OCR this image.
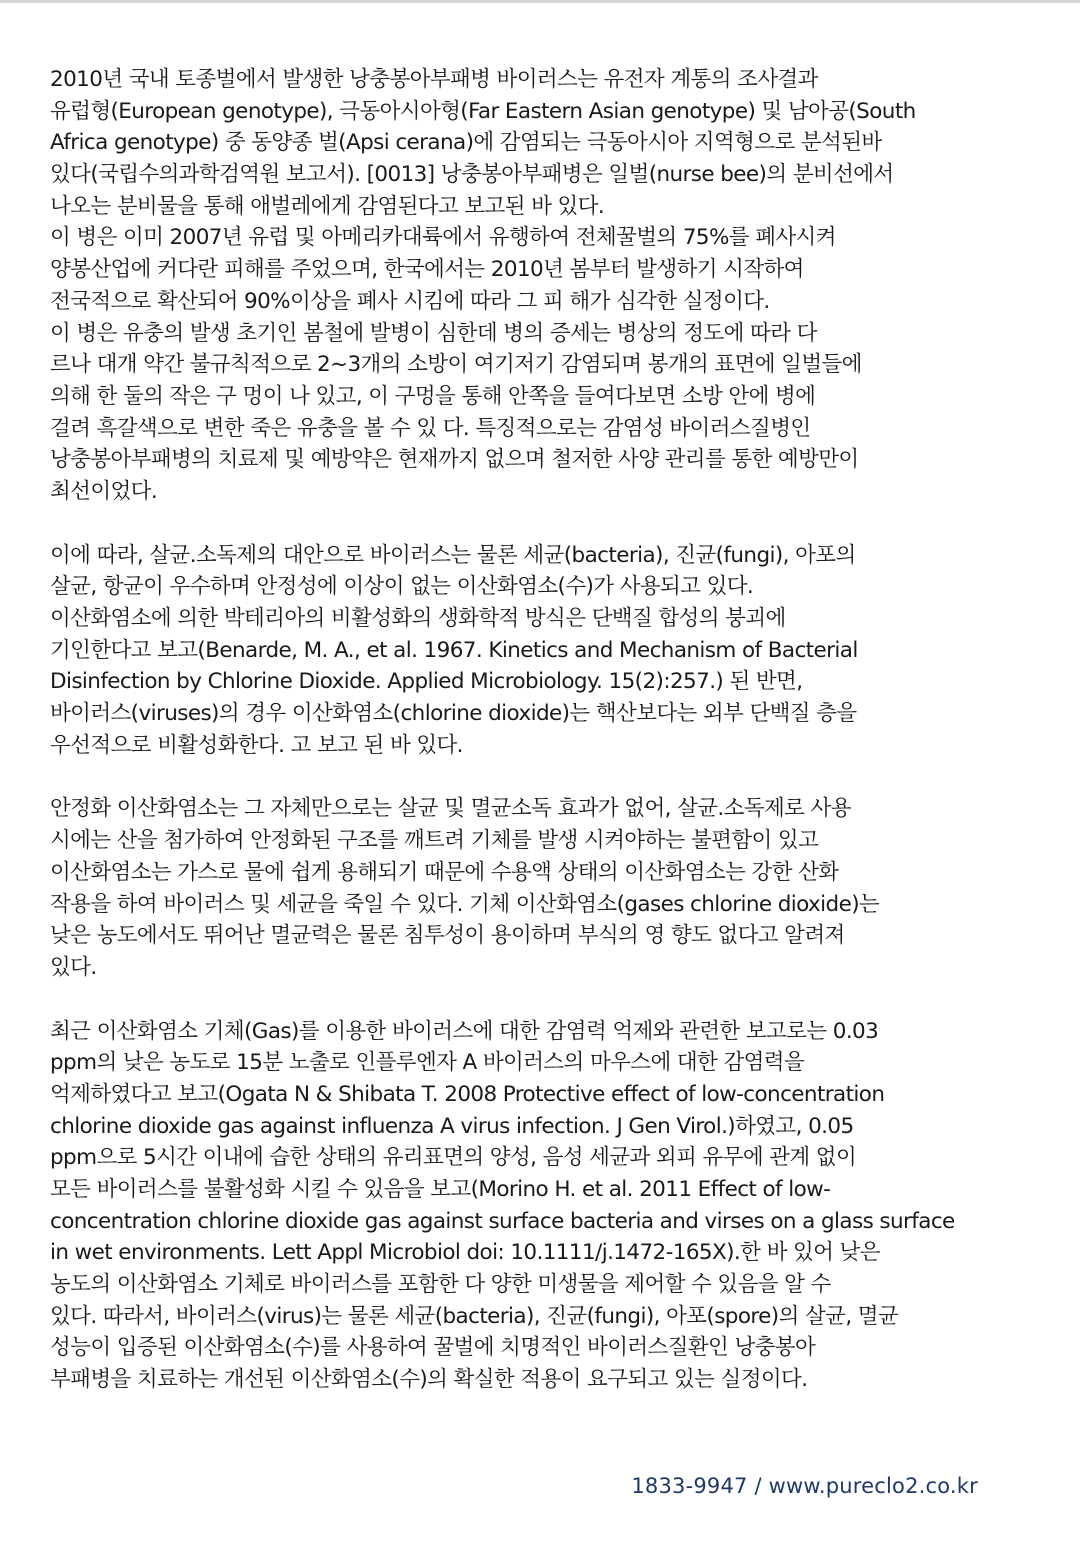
2010년 국내 토종벌에서 발생한 낭충봉아부패병 바이러스는 유전자 계통의 조사결과
유럽형(European genotype), 극동아시아형(Far Eastern Asian genotype) 및 남아공(South
Africa genotype) 중 동양종 벌(Apsi cerana)에 감염되는 극동아시아 지역형으로 분석된바
있다(국립수의과학검역원 보고서). [0013] 낭충봉아부패병은 일벌(nurse bee)의 분비선에서
나오는 분비물을 통해 애벌레에게 감염된다고 보고된 바 있다.
이 병은 이미 2007년 유럽 및 아메리카대륙에서 유행하여 전체꿀벌의 75%를 폐사시켜
양봉산업에 커다란 피해를 주었으며, 한국에서는 2010년 봄부터 발생하기 시작하여
전국적으로 확산되어 90%이상을 폐사 시킴에 따라 그 피 해가 심각한 실정이다.
이 병은 유충의 발생 초기인 봄철에 발병이 심한데 병의 증세는 병상의 정도에 따라 다
르나 대개 약간 불규칙적으로 2~3개의 소방이 여기저기 감염되며 봉개의 표면에 일벌들에
의해 한 둘의 작은 구 멍이 나 있고, 이 구멍을 통해 안쪽을 들여다보면 소방 안에 병에
걸려 흑갈색으로 변한 죽은 유충을 볼 수 있 다. 특징적으로는 감염성 바이러스질병인
낭충봉아부패병의 치료제 및 예방약은 현재까지 없으며 철저한 사양 관리를 통한 예방만이
최선이었다.
이에 따라, 살균.소독제의 대안으로 바이러스는 물론 세균(bacteria), 진균(fungi), 아포의
살균, 항균이 우수하며 안정성에 이상이 없는 이산화염소(수)가 사용되고 있다.
이산화염소에 의한 박테리아의 비활성화의 생화학적 방식은 단백질 합성의 붕괴에
기인한다고 보고(Benarde, M. A., et al. 1967. Kinetics and Mechanism of Bacterial
Disinfection by Chlorine Dioxide. Applied Microbiology. 15(2):257.) 된 반면,
바이러스(viruses)의 경우 이산화염소(chlorine dioxide)는 핵산보다는 외부 단백질 층을
우선적으로 비활성화한다. 고 보고 된 바 있다.
안정화 이산화염소는 그 자체만으로는 살균 및 멸균소독 효과가 없어, 살균.소독제로 사용
시에는 산을 첨가하여 안정화된 구조를 깨트려 기체를 발생 시켜야하는 불편함이 있고
이산화염소는 가스로 물에 쉽게 용해되기 때문에 수용액 상태의 이산화염소는 강한 산화
작용을 하여 바이러스 및 세균을 죽일 수 있다. 기체 이산화염소(gases chlorine dioxide)는
낮은 농도에서도 뛰어난 멸균력은 물론 침투성이 용이하며 부식의 영 향도 없다고 알려져
있다.
최근 이산화염소 기체(Gas)를 이용한 바이러스에 대한 감염력 억제와 관련한 보고로는 0.03
ppm의 낮은 농도로 15분 노출로 인플루엔자 A 바이러스의 마우스에 대한 감염력을
억제하였다고 보고(Ogata N & Shibata T. 2008 Protective effect of low-concentration
chlorine dioxide gas against influenza A virus infection. J Gen Virol.)하였고, 0.05
ppm으로 5시간 이내에 습한 상태의 유리표면의 양성, 음성 세균과 외피 유무에 관계 없이
모든 바이러스를 불활성화 시킬 수 있음을 보고(Morino H. et al. 2011 Effect of low-
concentration chlorine dioxide gas against surface bacteria and virses on a glass surface
in wet environments. Lett Appl Microbiol doi: 10.1111/j.1472-165X).한 바 있어 낮은
농도의 이산화염소 기체로 바이러스를 포함한 다 양한 미생물을 제어할 수 있음을 알 수
있다. 따라서, 바이러스(virus)는 물론 세균(bacteria), 진균(fungi), 아포(spore)의 살균, 멸균
성능이 입증된 이산화염소(수)를 사용하여 꿀벌에 치명적인 바이러스질환인 낭충봉아
부패병을 치료하는 개선된 이산화염소(수)의 확실한 적용이 요구되고 있는 실정이다.
1833-9947 / www.pureclo2.co.kr
